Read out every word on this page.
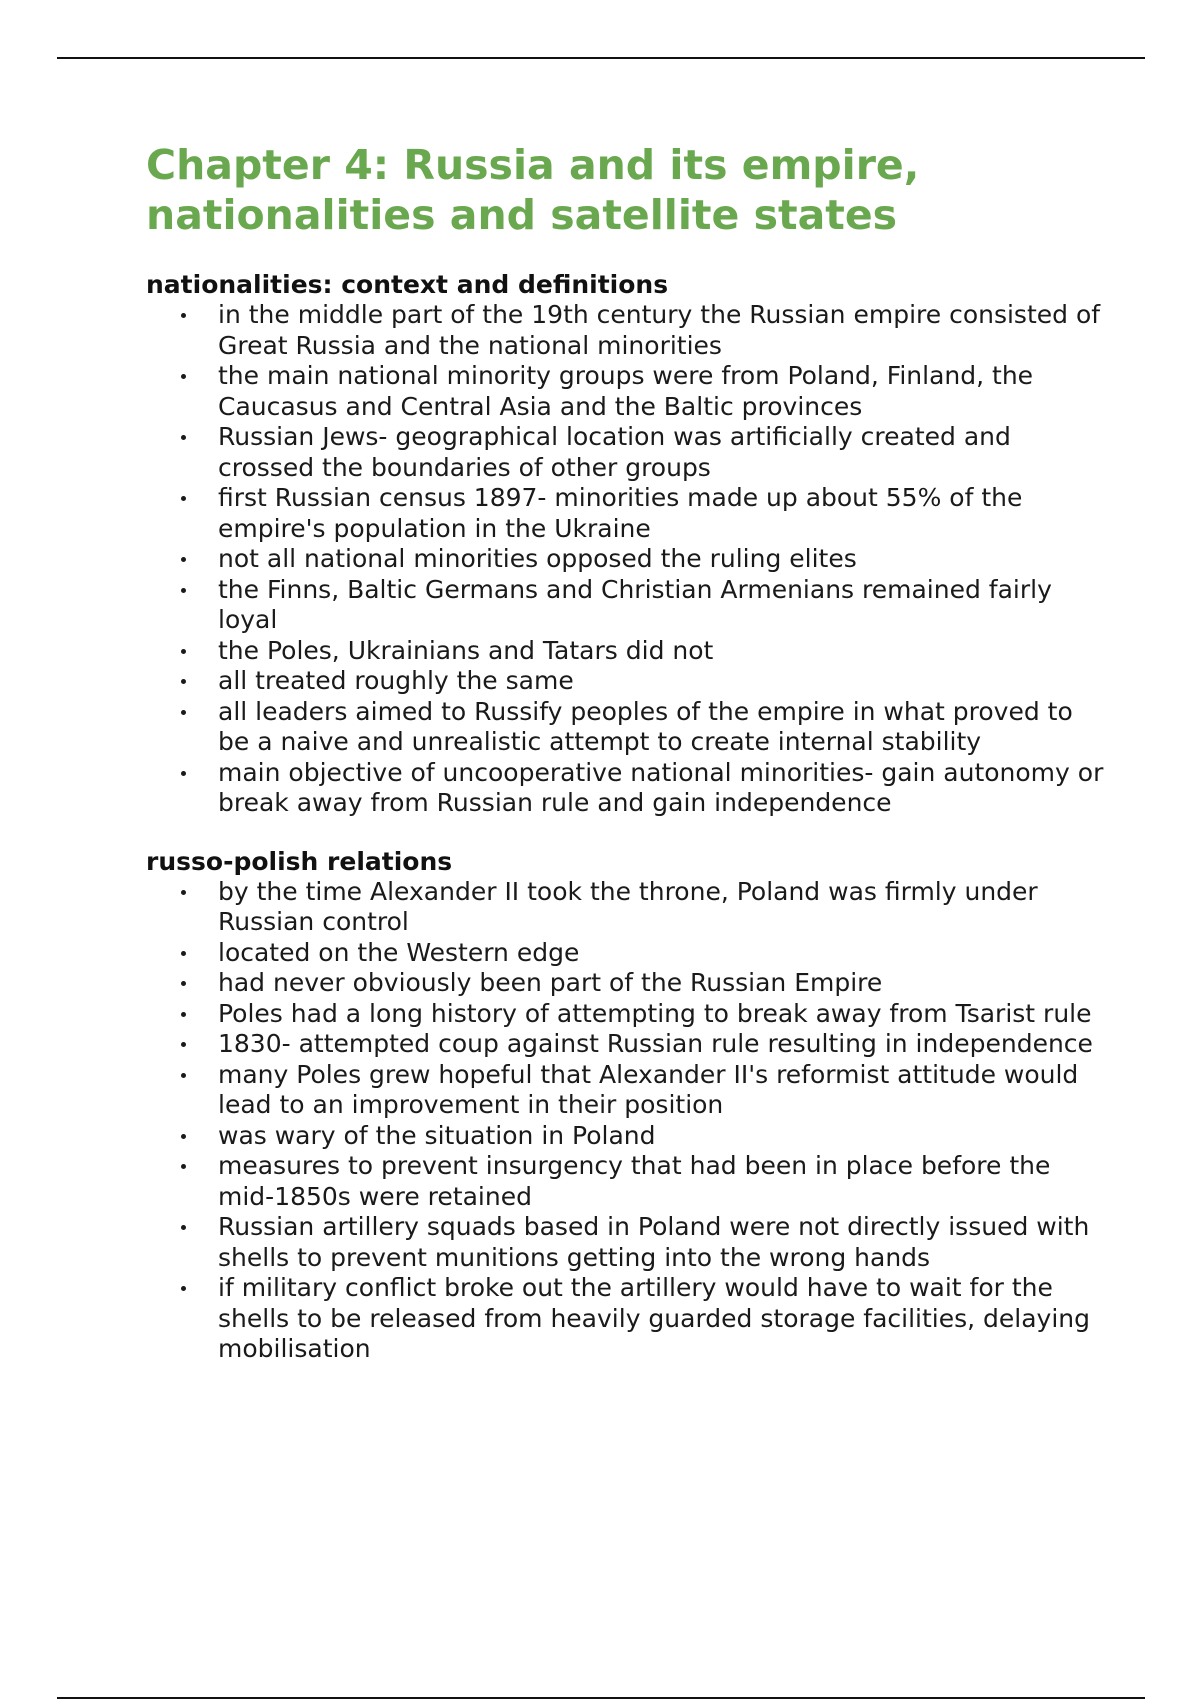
Chapter 4: Russia and its empire, nationalities and satellite states
nationalities: context and definitions
in the middle part of the 19th century the Russian empire consisted of Great Russia and the national minorities
the main national minority groups were from Poland, Finland, the Caucasus and Central Asia and the Baltic provinces
Russian Jews- geographical location was artificially created and crossed the boundaries of other groups
first Russian census 1897- minorities made up about 55% of the empire's population in the Ukraine
not all national minorities opposed the ruling elites
the Finns, Baltic Germans and Christian Armenians remained fairly loyal
the Poles, Ukrainians and Tatars did not
all treated roughly the same
all leaders aimed to Russify peoples of the empire in what proved to be a naive and unrealistic attempt to create internal stability
main objective of uncooperative national minorities- gain autonomy or break away from Russian rule and gain independence
russo-polish relations
by the time Alexander II took the throne, Poland was firmly under Russian control
located on the Western edge
had never obviously been part of the Russian Empire
Poles had a long history of attempting to break away from Tsarist rule
1830- attempted coup against Russian rule resulting in independence
many Poles grew hopeful that Alexander II's reformist attitude would lead to an improvement in their position
was wary of the situation in Poland
measures to prevent insurgency that had been in place before the mid-1850s were retained
Russian artillery squads based in Poland were not directly issued with shells to prevent munitions getting into the wrong hands
if military conflict broke out the artillery would have to wait for the shells to be released from heavily guarded storage facilities, delaying mobilisation
